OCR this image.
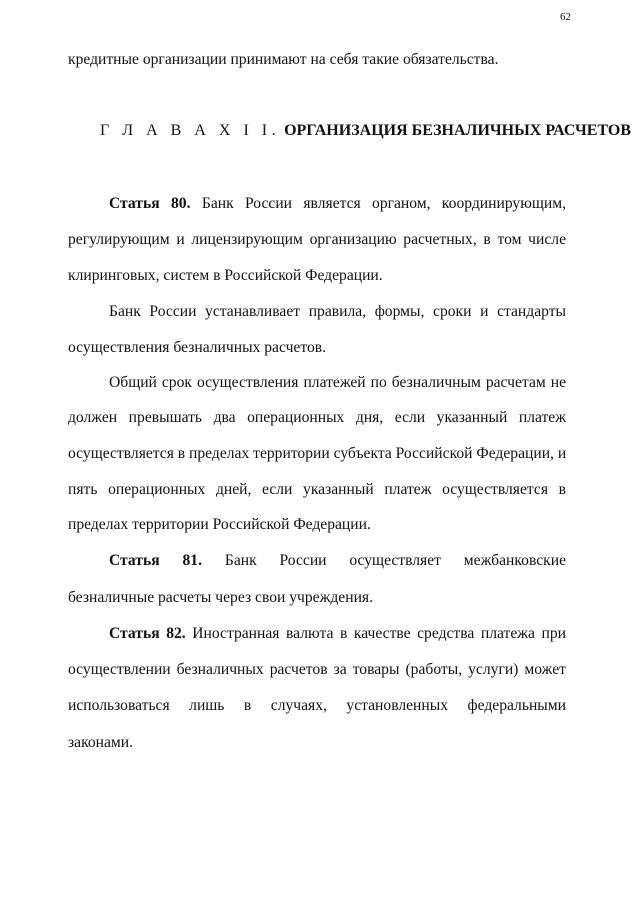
62
кредитные организации принимают на себя такие обязательства.
Г Л А В А X I I. ОРГАНИЗАЦИЯ БЕЗНАЛИЧНЫХ РАСЧЕТОВ
Статья 80. Банк России является органом, координирующим,
регулирующим и лицензирующим организацию расчетных, в том числе
клиринговых, систем в Российской Федерации.
Банк России устанавливает правила, формы, сроки и стандарты
осуществления безналичных расчетов.
Общий срок осуществления платежей по безналичным расчетам не
должен превышать два операционных дня, если указанный платеж
осуществляется в пределах территории субъекта Российской Федерации, и
пять операционных дней, если указанный платеж осуществляется в
пределах территории Российской Федерации.
Статья 81. Банк России осуществляет межбанковские
безналичные расчеты через свои учреждения.
Статья 82. Иностранная валюта в качестве средства платежа при
осуществлении безналичных расчетов за товары (работы, услуги) может
использоваться лишь в случаях, установленных федеральными
законами.
